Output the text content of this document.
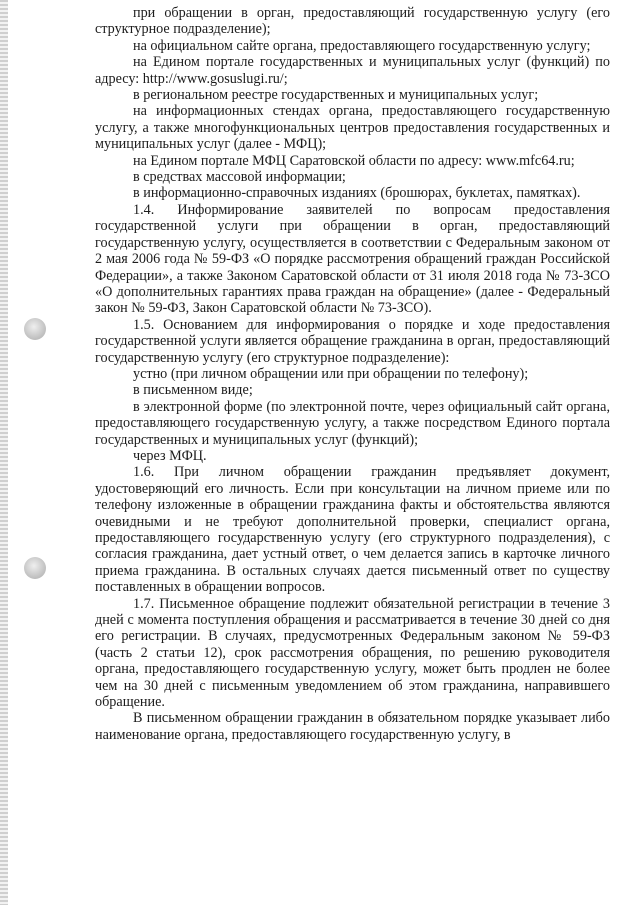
при обращении в орган, предоставляющий государственную услугу (его структурное подразделение);

на официальном сайте органа, предоставляющего государственную услугу;

на Едином портале государственных и муниципальных услуг (функций) по адресу: http://www.gosuslugi.ru/;

в региональном реестре государственных и муниципальных услуг;

на информационных стендах органа, предоставляющего государственную услугу, а также многофункциональных центров предоставления государственных и муниципальных услуг (далее - МФЦ);

на Едином портале МФЦ Саратовской области по адресу: www.mfc64.ru;

в средствах массовой информации;

в информационно-справочных изданиях (брошюрах, буклетах, памятках).

1.4. Информирование заявителей по вопросам предоставления государственной услуги при обращении в орган, предоставляющий государственную услугу, осуществляется в соответствии с Федеральным законом от 2 мая 2006 года № 59-ФЗ «О порядке рассмотрения обращений граждан Российской Федерации», а также Законом Саратовской области от 31 июля 2018 года № 73-ЗСО «О дополнительных гарантиях права граждан на обращение» (далее - Федеральный закон № 59-ФЗ, Закон Саратовской области № 73-ЗСО).

1.5. Основанием для информирования о порядке и ходе предоставления государственной услуги является обращение гражданина в орган, предоставляющий государственную услугу (его структурное подразделение):

устно (при личном обращении или при обращении по телефону);

в письменном виде;

в электронной форме (по электронной почте, через официальный сайт органа, предоставляющего государственную услугу, а также посредством Единого портала государственных и муниципальных услуг (функций);

через МФЦ.

1.6. При личном обращении гражданин предъявляет документ, удостоверяющий его личность. Если при консультации на личном приеме или по телефону изложенные в обращении гражданина факты и обстоятельства являются очевидными и не требуют дополнительной проверки, специалист органа, предоставляющего государственную услугу (его структурного подразделения), с согласия гражданина, дает устный ответ, о чем делается запись в карточке личного приема гражданина. В остальных случаях дается письменный ответ по существу поставленных в обращении вопросов.

1.7. Письменное обращение подлежит обязательной регистрации в течение 3 дней с момента поступления обращения и рассматривается в течение 30 дней со дня его регистрации. В случаях, предусмотренных Федеральным законом № 59-ФЗ (часть 2 статьи 12), срок рассмотрения обращения, по решению руководителя органа, предоставляющего государственную услугу, может быть продлен не более чем на 30 дней с письменным уведомлением об этом гражданина, направившего обращение.

В письменном обращении гражданин в обязательном порядке указывает либо наименование органа, предоставляющего государственную услугу, в
